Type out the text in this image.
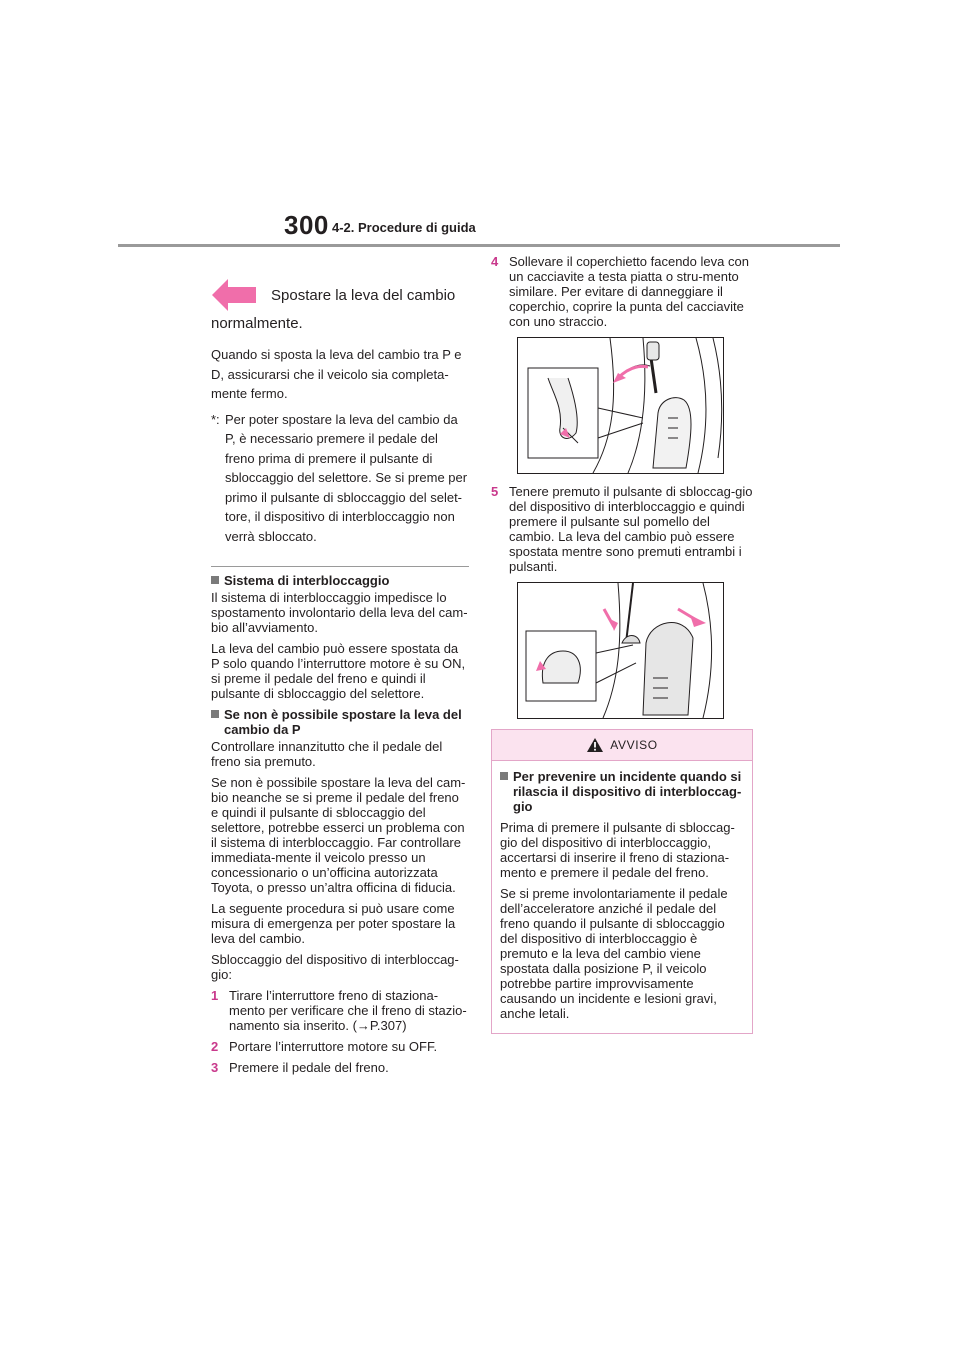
300 4-2. Procedure di guida
Spostare la leva del cambio

normalmente.

Quando si sposta la leva del cambio tra P e D, assicurarsi che il veicolo sia completa-mente fermo.

*: Per poter spostare la leva del cambio da P, è necessario premere il pedale del freno prima di premere il pulsante di sbloccaggio del selettore. Se si preme per primo il pulsante di sbloccaggio del selet-tore, il dispositivo di interbloccaggio non verrà sbloccato.
Sistema di interbloccaggio

Il sistema di interbloccaggio impedisce lo spostamento involontario della leva del cam-bio all’avviamento.

La leva del cambio può essere spostata da P solo quando l’interruttore motore è su ON, si preme il pedale del freno e quindi il pulsante di sbloccaggio del selettore.

Se non è possibile spostare la leva del cambio da P

Controllare innanzitutto che il pedale del freno sia premuto.

Se non è possibile spostare la leva del cam-bio neanche se si preme il pedale del freno e quindi il pulsante di sbloccaggio del selettore, potrebbe esserci un problema con il sistema di interbloccaggio. Far controllare immediata-mente il veicolo presso un concessionario o un’officina autorizzata Toyota, o presso un’altra officina di fiducia.

La seguente procedura si può usare come misura di emergenza per poter spostare la leva del cambio.

Sbloccaggio del dispositivo di interbloccag-gio:

1 Tirare l’interruttore freno di staziona-mento per verificare che il freno di stazio-namento sia inserito. (→P.307)
2 Portare l’interruttore motore su OFF.
3 Premere il pedale del freno.
4 Sollevare il coperchietto facendo leva con un cacciavite a testa piatta o stru-mento similare. Per evitare di danneggiare il coperchio, coprire la punta del cacciavite con uno straccio.
5 Tenere premuto il pulsante di sbloccag-gio del dispositivo di interbloccaggio e quindi premere il pulsante sul pomello del cambio. La leva del cambio può essere spostata mentre sono premuti entrambi i pulsanti.
AVVISO
Per prevenire un incidente quando si rilascia il dispositivo di interbloccag-gio

Prima di premere il pulsante di sbloccag-gio del dispositivo di interbloccaggio, accertarsi di inserire il freno di staziona-mento e premere il pedale del freno.

Se si preme involontariamente il pedale dell’acceleratore anziché il pedale del freno quando il pulsante di sbloccaggio del dispositivo di interbloccaggio è premuto e la leva del cambio viene spostata dalla posizione P, il veicolo potrebbe partire improvvisamente causando un incidente e lesioni gravi, anche letali.
